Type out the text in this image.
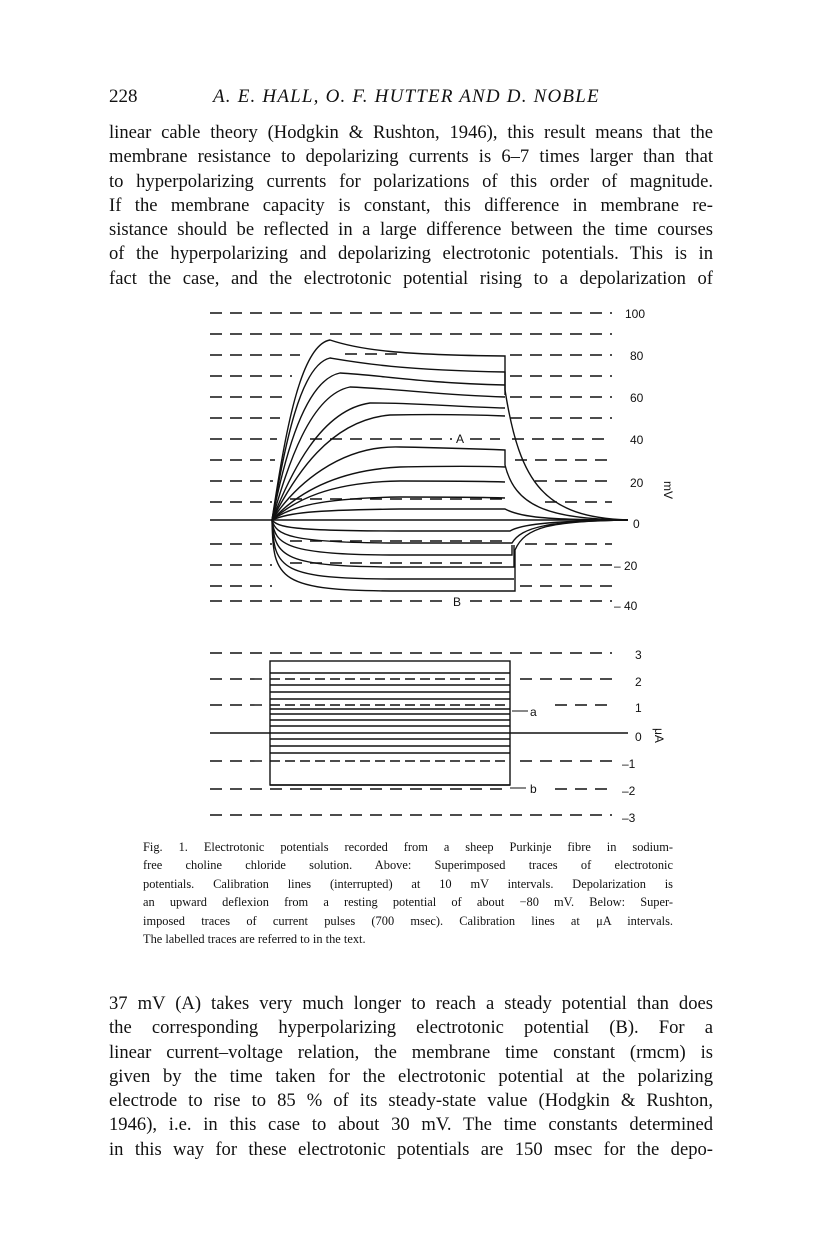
228	A. E. HALL, O. F. HUTTER AND D. NOBLE
linear cable theory (Hodgkin & Rushton, 1946), this result means that the
membrane resistance to depolarizing currents is 6–7 times larger than that
to hyperpolarizing currents for polarizations of this order of magnitude.
If the membrane capacity is constant, this difference in membrane re-
sistance should be reflected in a large difference between the time courses
of the hyperpolarizing and depolarizing electrotonic potentials. This is in
fact the case, and the electrotonic potential rising to a depolarization of
100
80
60
40
20
0
– 20
– 40
mV
3
2
1
0
–1
–2
–3
μA
A
B
a
b
Fig. 1. Electrotonic potentials recorded from a sheep Purkinje fibre in sodium-
free choline chloride solution. Above: Superimposed traces of electrotonic
potentials. Calibration lines (interrupted) at 10 mV intervals. Depolarization is
an upward deflexion from a resting potential of about −80 mV. Below: Super-
imposed traces of current pulses (700 msec). Calibration lines at μA intervals.
The labelled traces are referred to in the text.
37 mV (A) takes very much longer to reach a steady potential than does
the corresponding hyperpolarizing electrotonic potential (B). For a
linear current–voltage relation, the membrane time constant (rmcm) is
given by the time taken for the electrotonic potential at the polarizing
electrode to rise to 85 % of its steady-state value (Hodgkin & Rushton,
1946), i.e. in this case to about 30 mV. The time constants determined
in this way for these electrotonic potentials are 150 msec for the depo-
